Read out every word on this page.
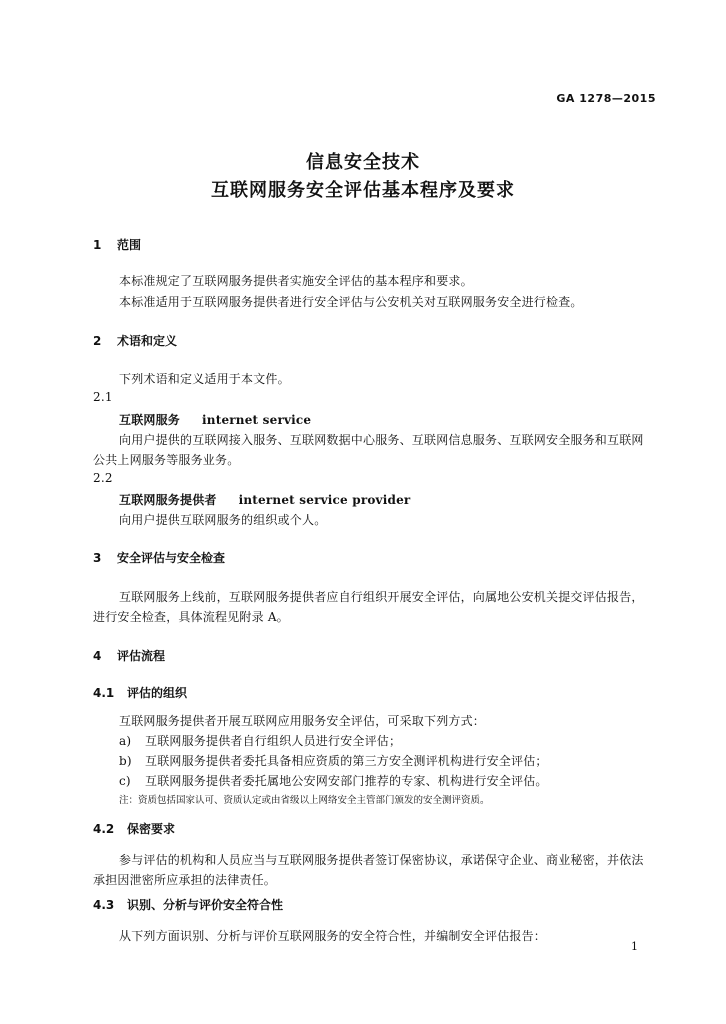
GA 1278—2015
信息安全技术
互联网服务安全评估基本程序及要求
1 范围
本标准规定了互联网服务提供者实施安全评估的基本程序和要求。
本标准适用于互联网服务提供者进行安全评估与公安机关对互联网服务安全进行检查。
2 术语和定义
下列术语和定义适用于本文件。
2.1
互联网服务 internet service
向用户提供的互联网接入服务、互联网数据中心服务、互联网信息服务、互联网安全服务和互联网
公共上网服务等服务业务。
2.2
互联网服务提供者 internet service provider
向用户提供互联网服务的组织或个人。
3 安全评估与安全检查
互联网服务上线前，互联网服务提供者应自行组织开展安全评估，向属地公安机关提交评估报告，
进行安全检查，具体流程见附录 A。
4 评估流程
4.1 评估的组织
互联网服务提供者开展互联网应用服务安全评估，可采取下列方式：
a) 互联网服务提供者自行组织人员进行安全评估；
b) 互联网服务提供者委托具备相应资质的第三方安全测评机构进行安全评估；
c) 互联网服务提供者委托属地公安网安部门推荐的专家、机构进行安全评估。
注：资质包括国家认可、资质认定或由省级以上网络安全主管部门颁发的安全测评资质。
4.2 保密要求
参与评估的机构和人员应当与互联网服务提供者签订保密协议，承诺保守企业、商业秘密，并依法
承担因泄密所应承担的法律责任。
4.3 识别、分析与评价安全符合性
从下列方面识别、分析与评价互联网服务的安全符合性，并编制安全评估报告：
1
